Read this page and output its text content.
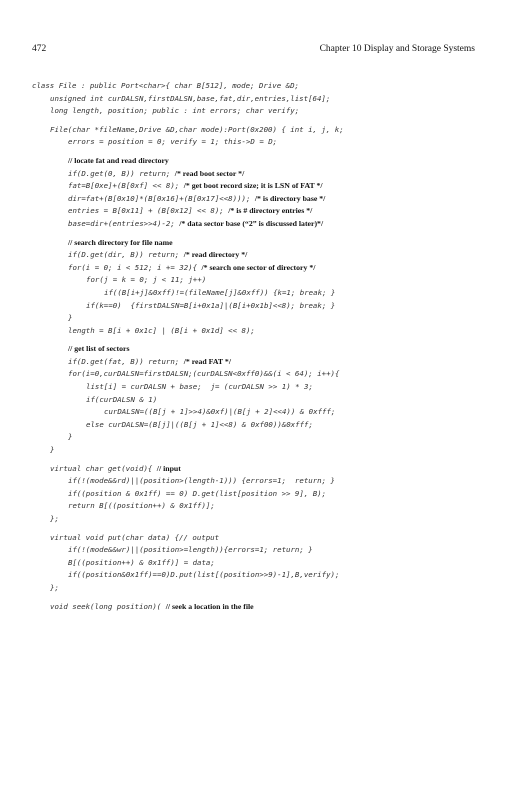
472	Chapter 10 Display and Storage Systems
class File : public Port<char>{ char B[512], mode; Drive &D;
unsigned int curDALSN,firstDALSN,base,fat,dir,entries,list[64];
long length, position; public : int errors; char verify;
File(char *fileName,Drive &D,char mode):Port(0x200) { int i, j, k;
errors = position = 0; verify = 1; this->D = D;
// locate fat and read directory
if(D.get(0, B)) return; /* read boot sector */
fat=B[0xe]+(B[0xf] << 8); /* get boot record size; it is LSN of FAT */
dir=fat+(B[0x10]*(B[0x16]+(B[0x17]<<8))); /* is directory base */
entries = B[0x11] + (B[0x12] << 8); /* is # directory entries */
base=dir+(entries>>4)-2; /* data sector base (“2” is discussed later)*/
// search directory for file name
if(D.get(dir, B)) return; /* read directory */
for(i = 0; i < 512; i += 32){ /* search one sector of directory */
for(j = k = 0; j < 11; j++)
if((B[i+j]&0xff)!=(fileName[j]&0xff)) {k=1; break; }
if(k==0)  {firstDALSN=B[i+0x1a]|(B[i+0x1b]<<8); break; }
}
length = B[i + 0x1c] | (B[i + 0x1d] << 8);
// get list of sectors
if(D.get(fat, B)) return; /* read FAT */
for(i=0,curDALSN=firstDALSN;(curDALSN<0xff0)&&(i < 64); i++){
list[i] = curDALSN + base;  j= (curDALSN >> 1) * 3;
if(curDALSN & 1)
curDALSN=((B[j + 1]>>4)&0xf)|(B[j + 2]<<4)) & 0xfff;
else curDALSN=(B[j]|((B[j + 1]<<8) & 0xf00))&0xfff;
}
}
virtual char get(void){ // input
if(!(mode&&rd)||(position>(length-1))) {errors=1;  return; }
if((position & 0x1ff) == 0) D.get(list[position >> 9], B);
return B[((position++) & 0x1ff)];
};
virtual void put(char data) {// output
if(!(mode&&wr)||(position>=length)){errors=1; return; }
B[((position++) & 0x1ff)] = data;
if((position&0x1ff)==0)D.put(list[(position>>9)-1],B,verify);
};
void seek(long position)( // seek a location in the file
